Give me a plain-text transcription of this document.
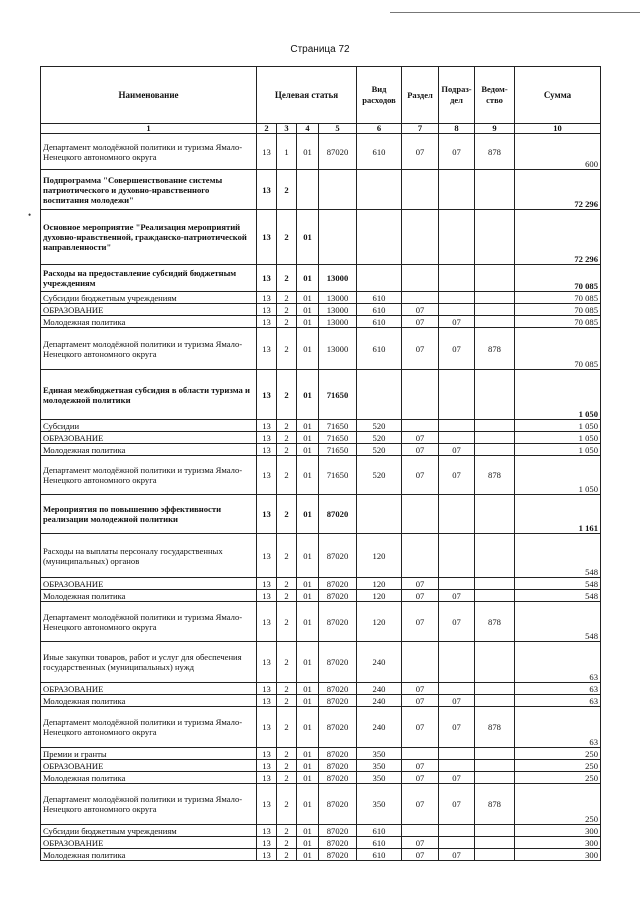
Страница 72
•
Наименование	Целевая статья				Вид расходов	Раздел	Подраз-дел	Ведом-ство	Сумма
1	2	3	4	5	6	7	8	9	10
Департамент молодёжной политики и туризма Ямало-Ненецкого автономного округа	13	1	01	87020	610	07	07	878	600
Подпрограмма "Совершенствование системы патриотического и духовно-нравственного воспитания молодежи"	13	2							72 296
Основное мероприятие "Реализация мероприятий духовно-нравственной, гражданско-патриотической направленности"	13	2	01						72 296
Расходы на предоставление субсидий бюджетным учреждениям	13	2	01	13000					70 085
Субсидии бюджетным учреждениям	13	2	01	13000	610				70 085
ОБРАЗОВАНИЕ	13	2	01	13000	610	07			70 085
Молодежная политика	13	2	01	13000	610	07	07		70 085
Департамент молодёжной политики и туризма Ямало-Ненецкого автономного округа	13	2	01	13000	610	07	07	878	70 085
Единая межбюджетная субсидия в области туризма и молодежной политики	13	2	01	71650					1 050
Субсидии	13	2	01	71650	520				1 050
ОБРАЗОВАНИЕ	13	2	01	71650	520	07			1 050
Молодежная политика	13	2	01	71650	520	07	07		1 050
Департамент молодёжной политики и туризма Ямало-Ненецкого автономного округа	13	2	01	71650	520	07	07	878	1 050
Мероприятия по повышению эффективности реализации молодежной политики	13	2	01	87020					1 161
Расходы на выплаты персоналу государственных (муниципальных) органов	13	2	01	87020	120				548
ОБРАЗОВАНИЕ	13	2	01	87020	120	07			548
Молодежная политика	13	2	01	87020	120	07	07		548
Департамент молодёжной политики и туризма Ямало-Ненецкого автономного округа	13	2	01	87020	120	07	07	878	548
Иные закупки товаров, работ и услуг для обеспечения государственных (муниципальных) нужд	13	2	01	87020	240				63
ОБРАЗОВАНИЕ	13	2	01	87020	240	07			63
Молодежная политика	13	2	01	87020	240	07	07		63
Департамент молодёжной политики и туризма Ямало-Ненецкого автономного округа	13	2	01	87020	240	07	07	878	63
Премии и гранты	13	2	01	87020	350				250
ОБРАЗОВАНИЕ	13	2	01	87020	350	07			250
Молодежная политика	13	2	01	87020	350	07	07		250
Департамент молодёжной политики и туризма Ямало-Ненецкого автономного округа	13	2	01	87020	350	07	07	878	250
Субсидии бюджетным учреждениям	13	2	01	87020	610				300
ОБРАЗОВАНИЕ	13	2	01	87020	610	07			300
Молодежная политика	13	2	01	87020	610	07	07		300
